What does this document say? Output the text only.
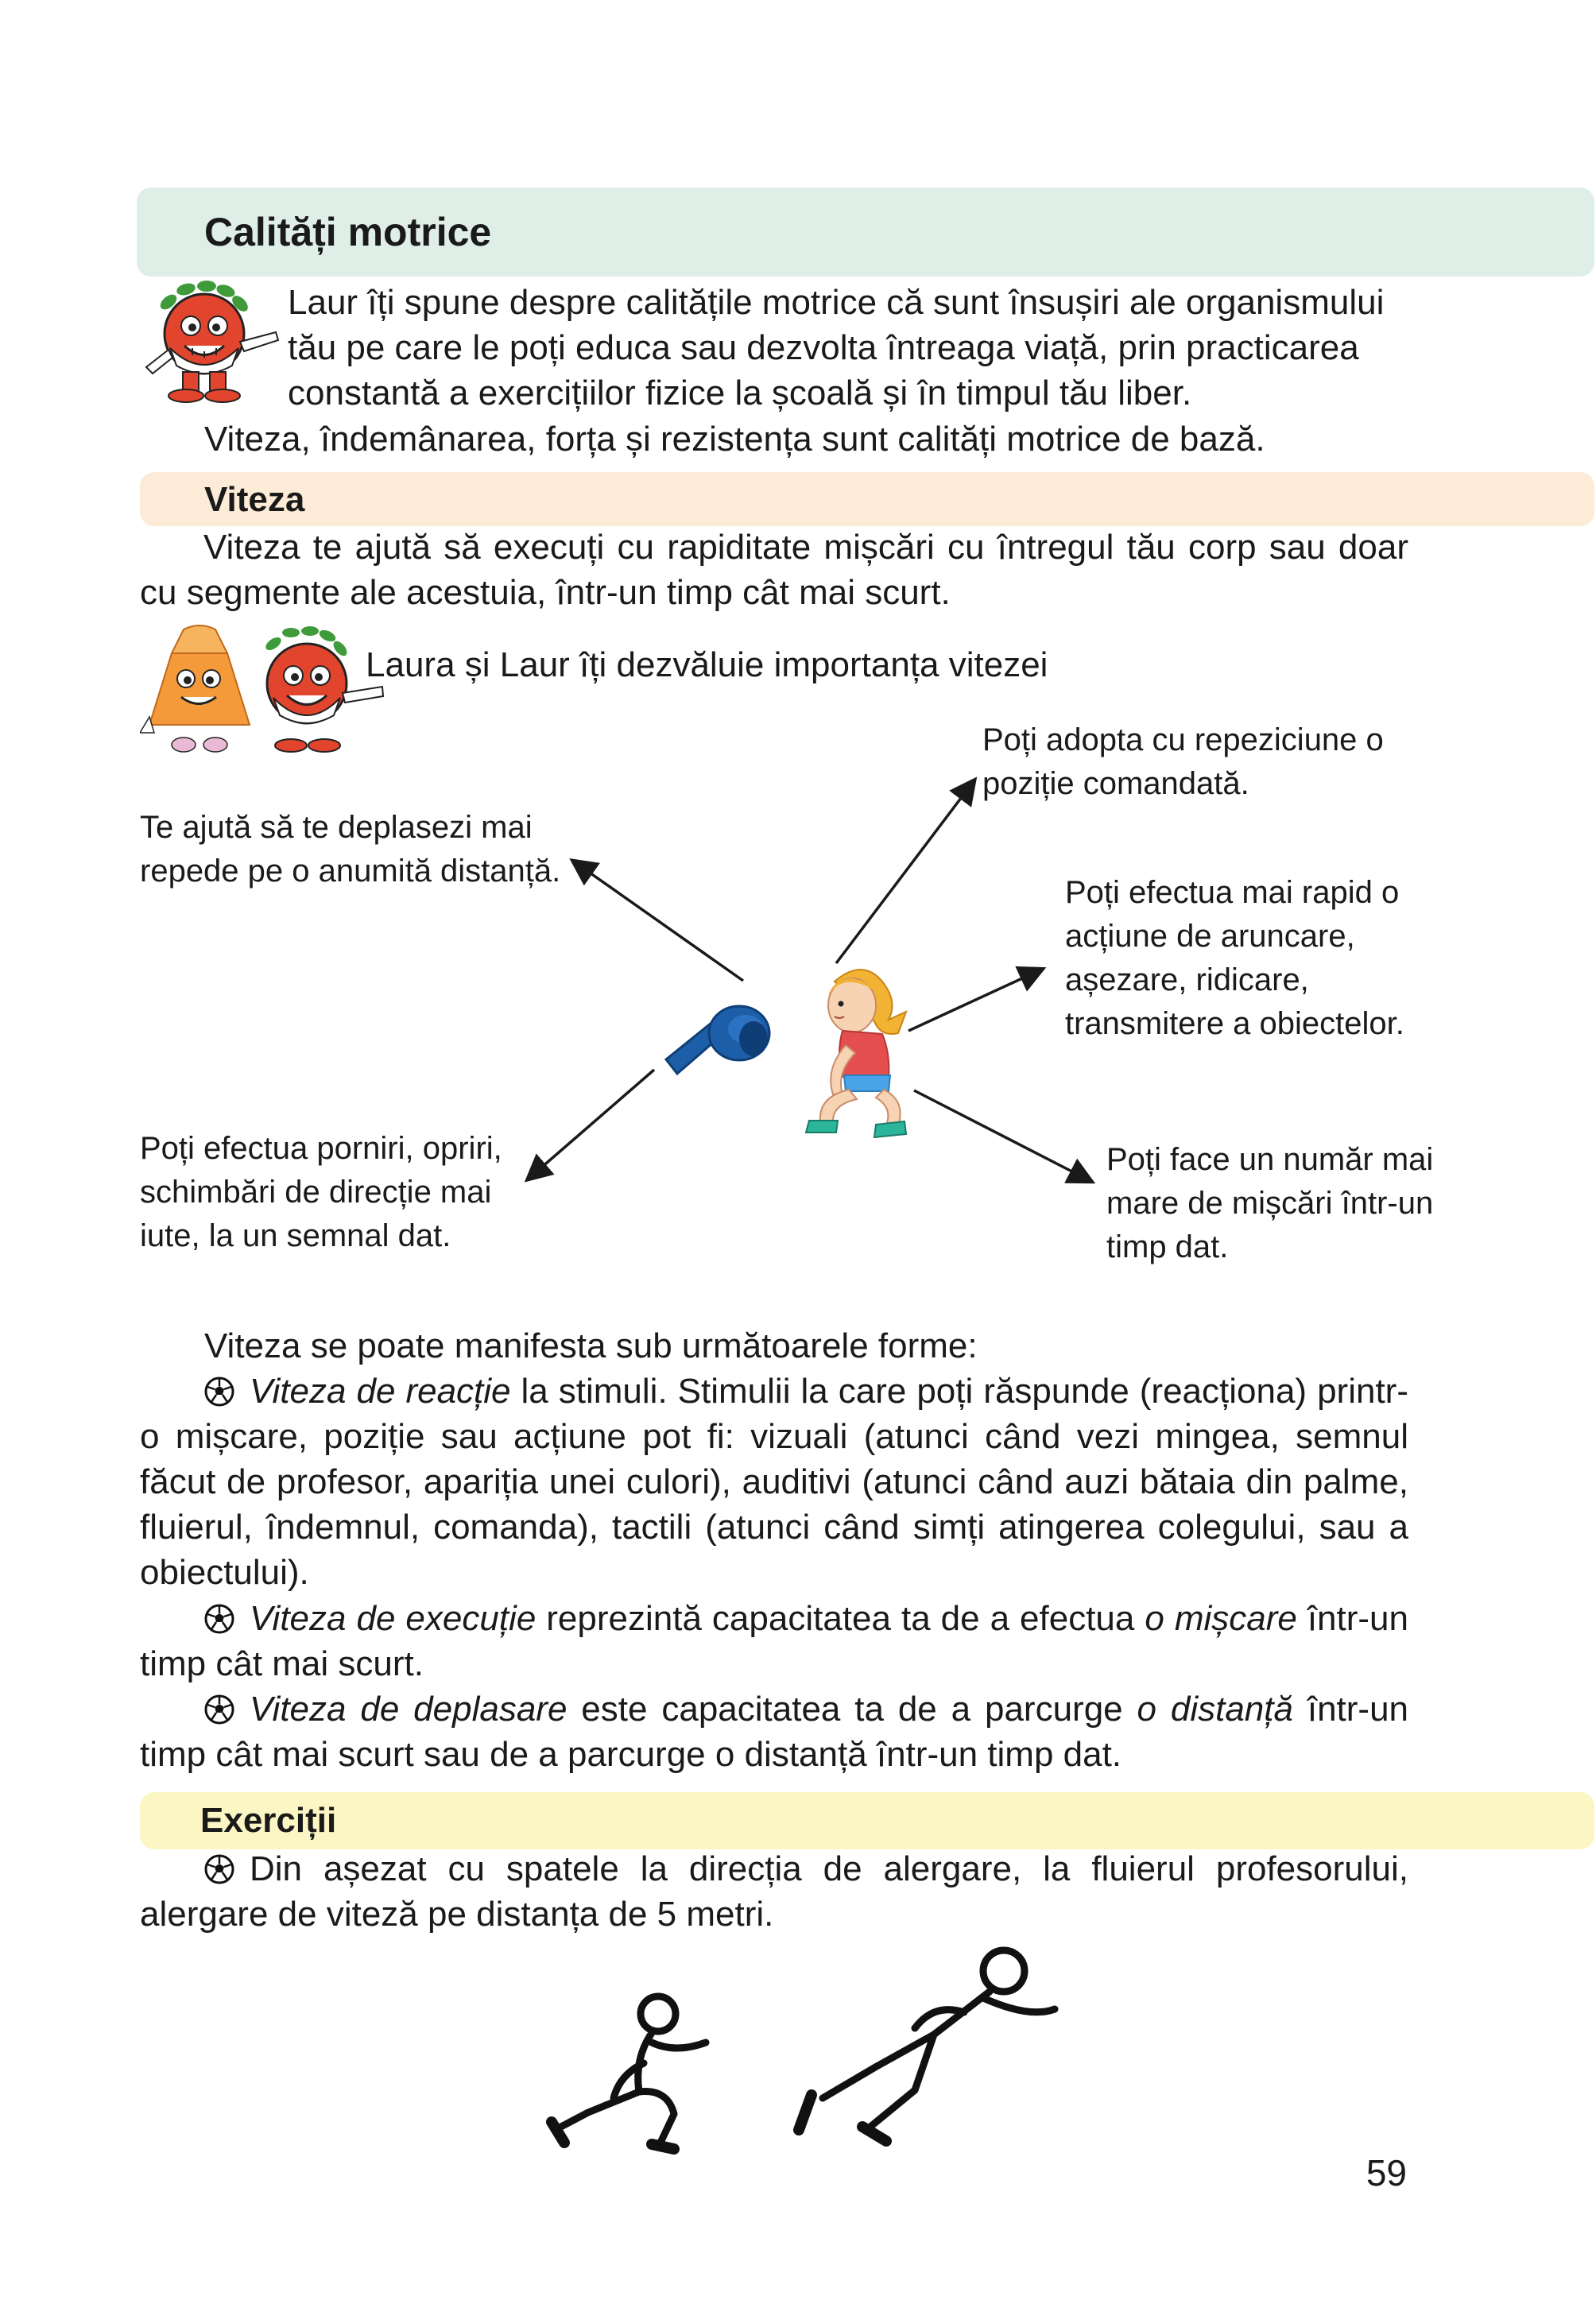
Calități motrice

Laur îți spune despre calitățile motrice că sunt însușiri ale organismului

tău pe care le poți educa sau dezvolta întreaga viață, prin practicarea

constantă a exercițiilor fizice la școală și în timpul tău liber.

Viteza, îndemânarea, forța și rezistența sunt calități motrice de bază.

Viteza

Viteza te ajută să execuți cu rapiditate mișcări cu întregul tău corp sau doar cu segmente ale acestuia, într-un timp cât mai scurt.

Laura și Laur îți dezvăluie importanța vitezei

Te ajută să te deplasezi mai repede pe o anumită distanță.

Poți adopta cu repeziciune o poziție comandată.

Poți efectua mai rapid o acțiune de aruncare, așezare, ridicare, transmitere a obiectelor.

Poți efectua porniri, opriri, schimbări de direcție mai iute, la un semnal dat.

Poți face un număr mai mare de mișcări într-un timp dat.

Viteza se poate manifesta sub următoarele forme:

Viteza de reacție la stimuli. Stimulii la care poți răspunde (reacționa) printr-o mișcare, poziție sau acțiune pot fi: vizuali (atunci când vezi mingea, semnul făcut de profesor, apariția unei culori), auditivi (atunci când auzi bătaia din palme, fluierul, îndemnul, comanda), tactili (atunci când simți atingerea colegului, sau a obiectului).

Viteza de execuție reprezintă capacitatea ta de a efectua o mișcare într-un timp cât mai scurt.

Viteza de deplasare este capacitatea ta de a parcurge o distanță într-un timp cât mai scurt sau de a parcurge o distanță într-un timp dat.

Exerciții

Din așezat cu spatele la direcția de alergare, la fluierul profesorului, alergare de viteză pe distanța de 5 metri.

59
